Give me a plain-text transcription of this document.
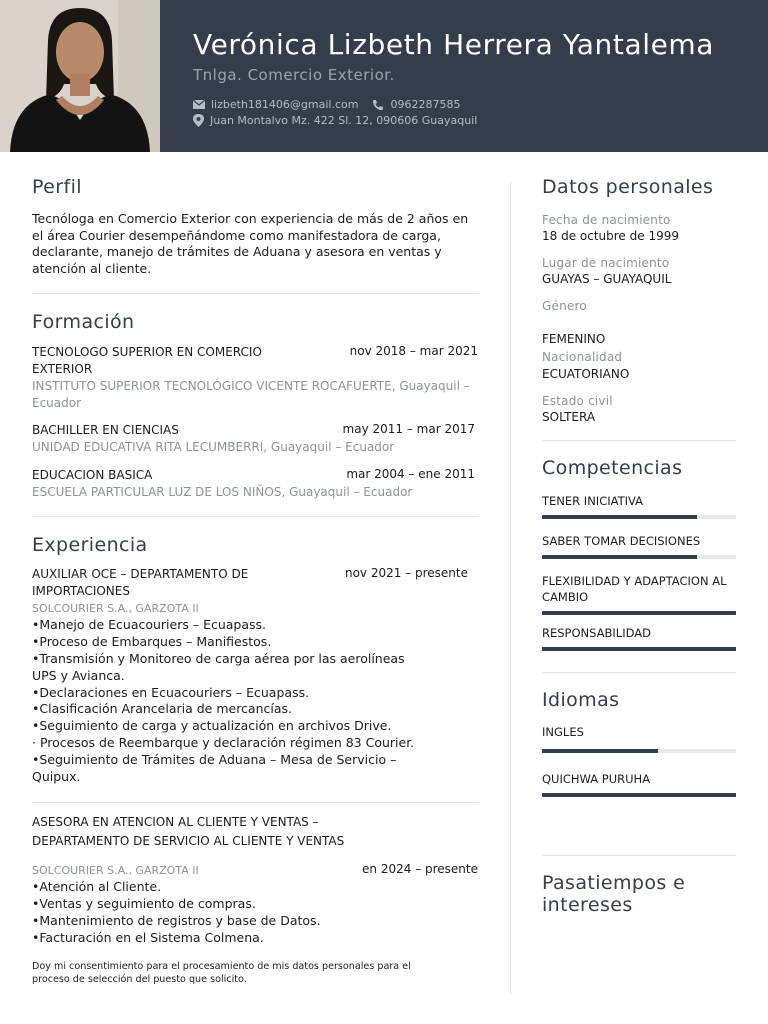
Verónica Lizbeth Herrera Yantalema
Tnlga. Comercio Exterior.
lizbeth181406@gmail.com	0962287585
Juan Montalvo Mz. 422 Sl. 12, 090606 Guayaquil
Perfil
Tecnóloga en Comercio Exterior con experiencia de más de 2 años en el área Courier desempeñándome como manifestadora de carga, declarante, manejo de trámites de Aduana y asesora en ventas y atención al cliente.
Formación
TECNOLOGO SUPERIOR EN COMERCIO EXTERIOR
nov 2018 – mar 2021
INSTITUTO SUPERIOR TECNOLÓGICO VICENTE ROCAFUERTE, Guayaquil – Ecuador
BACHILLER EN CIENCIAS	may 2011 – mar 2017
UNIDAD EDUCATIVA RITA LECUMBERRI, Guayaquil – Ecuador
EDUCACION BASICA	mar 2004 – ene 2011
ESCUELA PARTICULAR LUZ DE LOS NIÑOS, Guayaquil – Ecuador
Experiencia
AUXILIAR OCE – DEPARTAMENTO DE IMPORTACIONES
nov 2021 – presente
SOLCOURIER S.A., GARZOTA II
•Manejo de Ecuacouriers – Ecuapass.
•Proceso de Embarques – Manifiestos.
•Transmisión y Monitoreo de carga aérea por las aerolíneas UPS y Avianca.
•Declaraciones en Ecuacouriers – Ecuapass.
•Clasificación Arancelaria de mercancías.
•Seguimiento de carga y actualización en archivos Drive.
· Procesos de Reembarque y declaración régimen 83 Courier.
•Seguimiento de Trámites de Aduana – Mesa de Servicio – Quipux.
ASESORA EN ATENCION AL CLIENTE Y VENTAS – DEPARTAMENTO DE SERVICIO AL CLIENTE Y VENTAS
SOLCOURIER S.A., GARZOTA II	en 2024 – presente
•Atención al Cliente.
•Ventas y seguimiento de compras.
•Mantenimiento de registros y base de Datos.
•Facturación en el Sistema Colmena.
Doy mi consentimiento para el procesamiento de mis datos personales para el proceso de selección del puesto que solicito.
Datos personales
Fecha de nacimiento
18 de octubre de 1999
Lugar de nacimiento
GUAYAS – GUAYAQUIL
Género
FEMENINO
Nacionalidad
ECUATORIANO
Estado civil
SOLTERA
Competencias
TENER INICIATIVA
SABER TOMAR DECISIONES
FLEXIBILIDAD Y ADAPTACION AL CAMBIO
RESPONSABILIDAD
Idiomas
INGLES
QUICHWA PURUHA
Pasatiempos e intereses
